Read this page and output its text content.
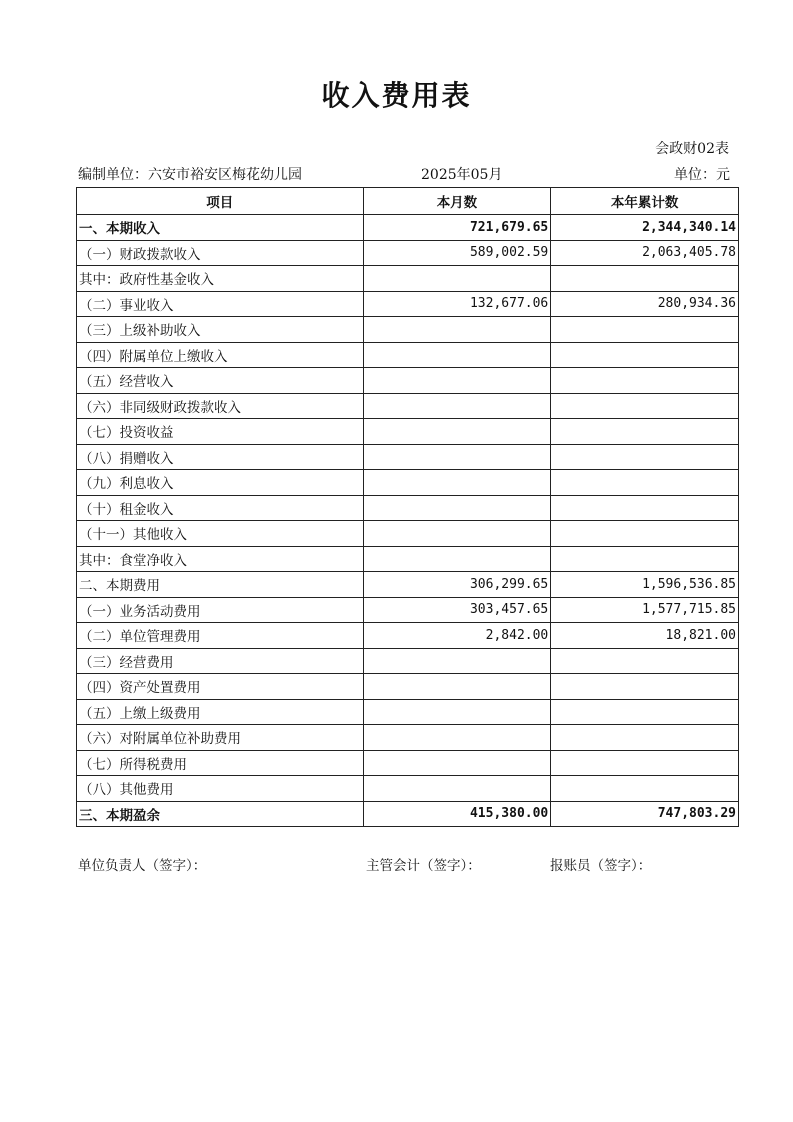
收入费用表
会政财02表
编制单位：六安市裕安区梅花幼儿园	2025年05月	单位：元
项目	本月数	本年累计数
一、本期收入	721,679.65	2,344,340.14
（一）财政拨款收入	589,002.59	2,063,405.78
其中：政府性基金收入		
（二）事业收入	132,677.06	280,934.36
（三）上级补助收入		
（四）附属单位上缴收入		
（五）经营收入		
（六）非同级财政拨款收入		
（七）投资收益		
（八）捐赠收入		
（九）利息收入		
（十）租金收入		
（十一）其他收入		
其中：食堂净收入		
二、本期费用	306,299.65	1,596,536.85
（一）业务活动费用	303,457.65	1,577,715.85
（二）单位管理费用	2,842.00	18,821.00
（三）经营费用		
（四）资产处置费用		
（五）上缴上级费用		
（六）对附属单位补助费用		
（七）所得税费用		
（八）其他费用		
三、本期盈余	415,380.00	747,803.29
单位负责人（签字）：	主管会计（签字）：	报账员（签字）：
